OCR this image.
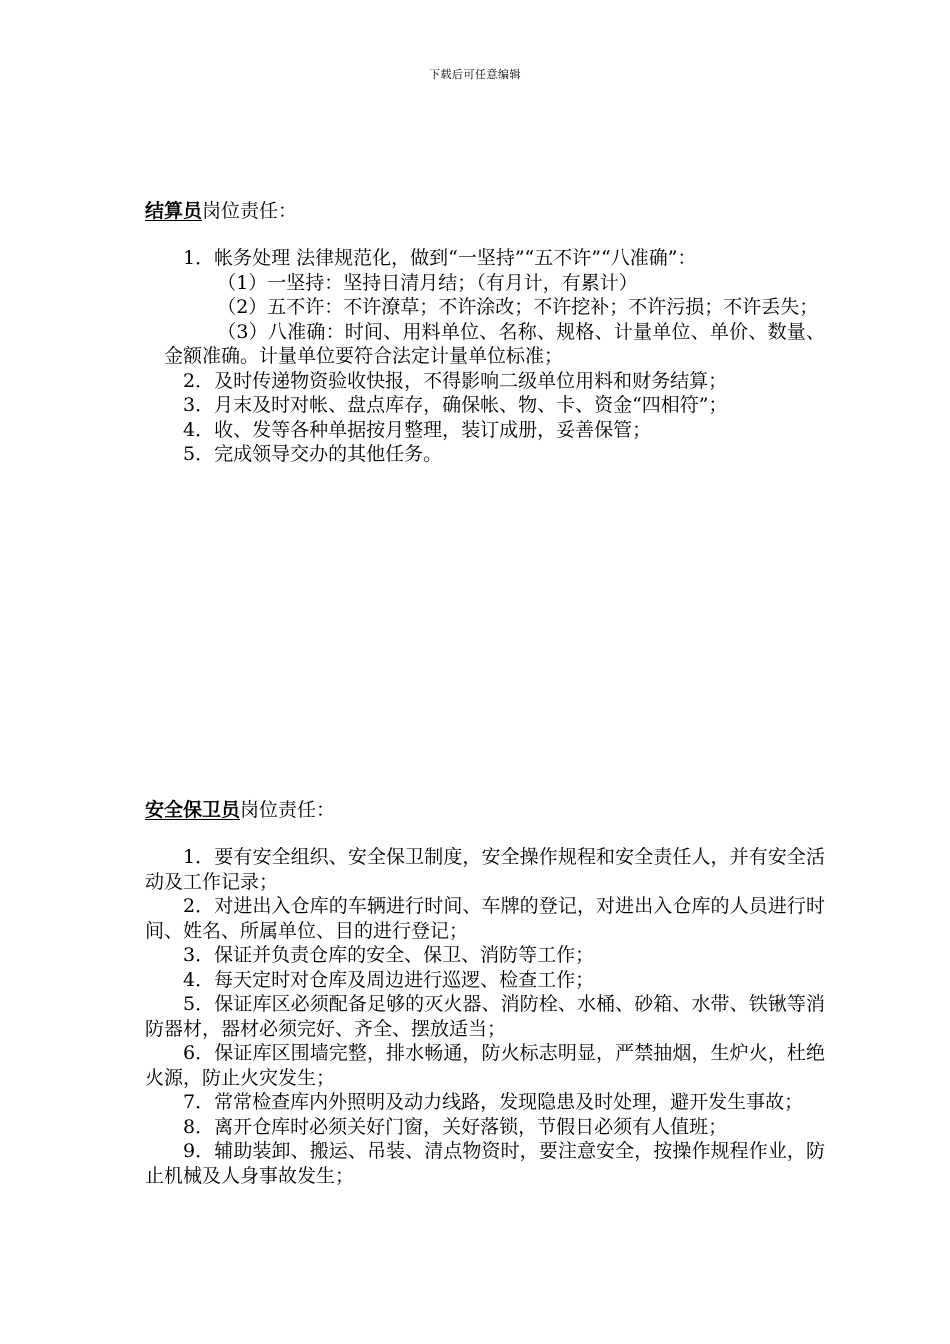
下载后可任意编辑
结算员岗位责任：

1．帐务处理 法律规范化，做到“一坚持”“五不许”“八准确”：

（1）一坚持：坚持日清月结；（有月计，有累计）

（2）五不许：不许潦草；不许涂改；不许挖补；不许污损；不许丢失；

（3）八准确：时间、用料单位、名称、规格、计量单位、单价、数量、金额准确。计量单位要符合法定计量单位标准；

2．及时传递物资验收快报，不得影响二级单位用料和财务结算；

3．月末及时对帐、盘点库存，确保帐、物、卡、资金“四相符”；

4．收、发等各种单据按月整理，装订成册，妥善保管；

5．完成领导交办的其他任务。

安全保卫员岗位责任：

1．要有安全组织、安全保卫制度，安全操作规程和安全责任人，并有安全活动及工作记录；

2．对进出入仓库的车辆进行时间、车牌的登记，对进出入仓库的人员进行时间、姓名、所属单位、目的进行登记；

3．保证并负责仓库的安全、保卫、消防等工作；

4．每天定时对仓库及周边进行巡逻、检查工作；

5．保证库区必须配备足够的灭火器、消防栓、水桶、砂箱、水带、铁锹等消防器材，器材必须完好、齐全、摆放适当；

6．保证库区围墙完整，排水畅通，防火标志明显，严禁抽烟，生炉火，杜绝火源，防止火灾发生；

7．常常检查库内外照明及动力线路，发现隐患及时处理，避开发生事故；

8．离开仓库时必须关好门窗，关好落锁，节假日必须有人值班；

9．辅助装卸、搬运、吊装、清点物资时，要注意安全，按操作规程作业，防止机械及人身事故发生；
